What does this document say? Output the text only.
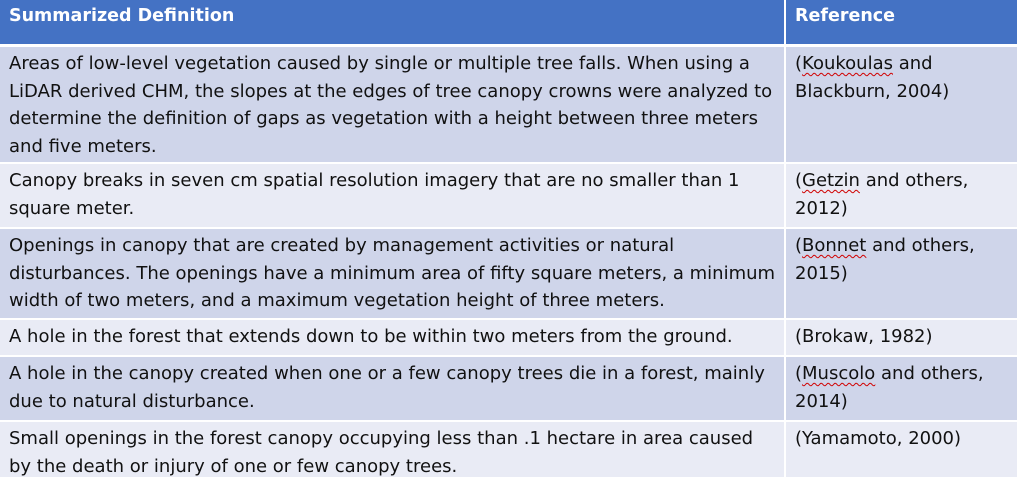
Summarized Definition	Reference
Areas of low-level vegetation caused by single or multiple tree falls. When using a LiDAR derived CHM, the slopes at the edges of tree canopy crowns were analyzed to determine the definition of gaps as vegetation with a height between three meters and five meters.
(Koukoulas and Blackburn, 2004)
Canopy breaks in seven cm spatial resolution imagery that are no smaller than 1 square meter.
(Getzin and others, 2012)
Openings in canopy that are created by management activities or natural disturbances. The openings have a minimum area of fifty square meters, a minimum width of two meters, and a maximum vegetation height of three meters.
(Bonnet and others, 2015)
A hole in the forest that extends down to be within two meters from the ground.	(Brokaw, 1982)
A hole in the canopy created when one or a few canopy trees die in a forest, mainly due to natural disturbance.
(Muscolo and others, 2014)
Small openings in the forest canopy occupying less than .1 hectare in area caused by the death or injury of one or few canopy trees.
(Yamamoto, 2000)
